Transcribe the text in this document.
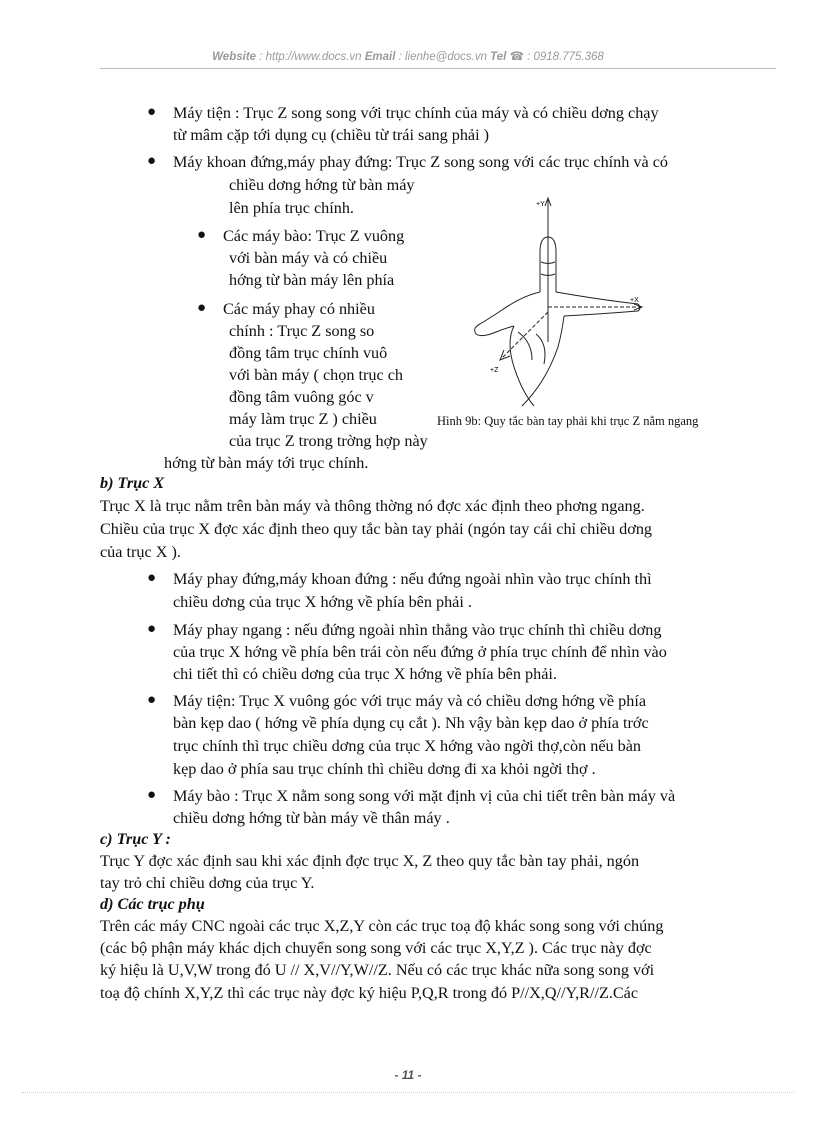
Website : http://www.docs.vn Email : lienhe@docs.vn Tel ☎ : 0918.775.368
● Máy tiện : Trục Z song song với trục chính của máy và có chiều dơng chạy
từ mâm cặp tới dụng cụ (chiều từ trái sang phải )
● Máy khoan đứng,máy phay đứng: Trục Z song song với các trục chính và có
chiều dơng hớng từ bàn máy
lên phía trục chính.
● Các máy bào: Trục Z vuông
với bàn máy và có chiều
hớng từ bàn máy lên phía
● Các máy phay có nhiều
chính : Trục Z song so
đồng tâm trục chính vuô
với bàn máy ( chọn trục ch
đồng tâm vuông góc v
máy làm trục Z ) chiều
của trục Z trong trờng hợp này
hớng từ bàn máy tới trục chính.
+Y
+X
+Z
Hình 9b: Quy tắc bàn tay phải khi trục Z nằm ngang
b) Trục X
Trục X là trục nằm trên bàn máy và thông thờng nó đợc xác định theo phơng ngang.
Chiều của trục X đợc xác định theo quy tắc bàn tay phải (ngón tay cái chỉ chiều dơng
của trục X ).
● Máy phay đứng,máy khoan đứng : nếu đứng ngoài nhìn vào trục chính thì
chiều dơng của trục X hớng về phía bên phải .
● Máy phay ngang : nếu đứng ngoài nhìn thẳng vào trục chính thì chiều dơng
của trục X hớng về phía bên trái còn nếu đứng ở phía trục chính để nhìn vào
chi tiết thì có chiều dơng của trục X hớng về phía bên phải.
● Máy tiện: Trục X vuông góc với trục máy và có chiều dơng hớng về phía
bàn kẹp dao ( hớng về phía dụng cụ cắt ). Nh vậy bàn kẹp dao ở phía trớc
trục chính thì trục chiều dơng của trục X hớng vào ngời thợ,còn nếu bàn
kẹp dao ở phía sau trục chính thì chiều dơng đi xa khỏi ngời thợ .
● Máy bào : Trục X nằm song song với mặt định vị của chi tiết trên bàn máy và
chiều dơng hớng từ bàn máy về thân máy .
c) Trục Y :
Trục Y đợc xác định sau khi xác định đợc trục X, Z theo quy tắc bàn tay phải, ngón
tay trỏ chỉ chiều dơng của trục Y.
d) Các trục phụ
Trên các máy CNC ngoài các trục X,Z,Y còn các trục toạ độ khác song song với chúng
(các bộ phận máy khác dịch chuyển song song với các trục X,Y,Z ). Các trục này đợc
ký hiệu là U,V,W trong đó U // X,V//Y,W//Z. Nếu có các trục khác nữa song song với
toạ độ chính X,Y,Z thì các trục này đợc ký hiệu P,Q,R trong đó P//X,Q//Y,R//Z.Các
- 11 -
